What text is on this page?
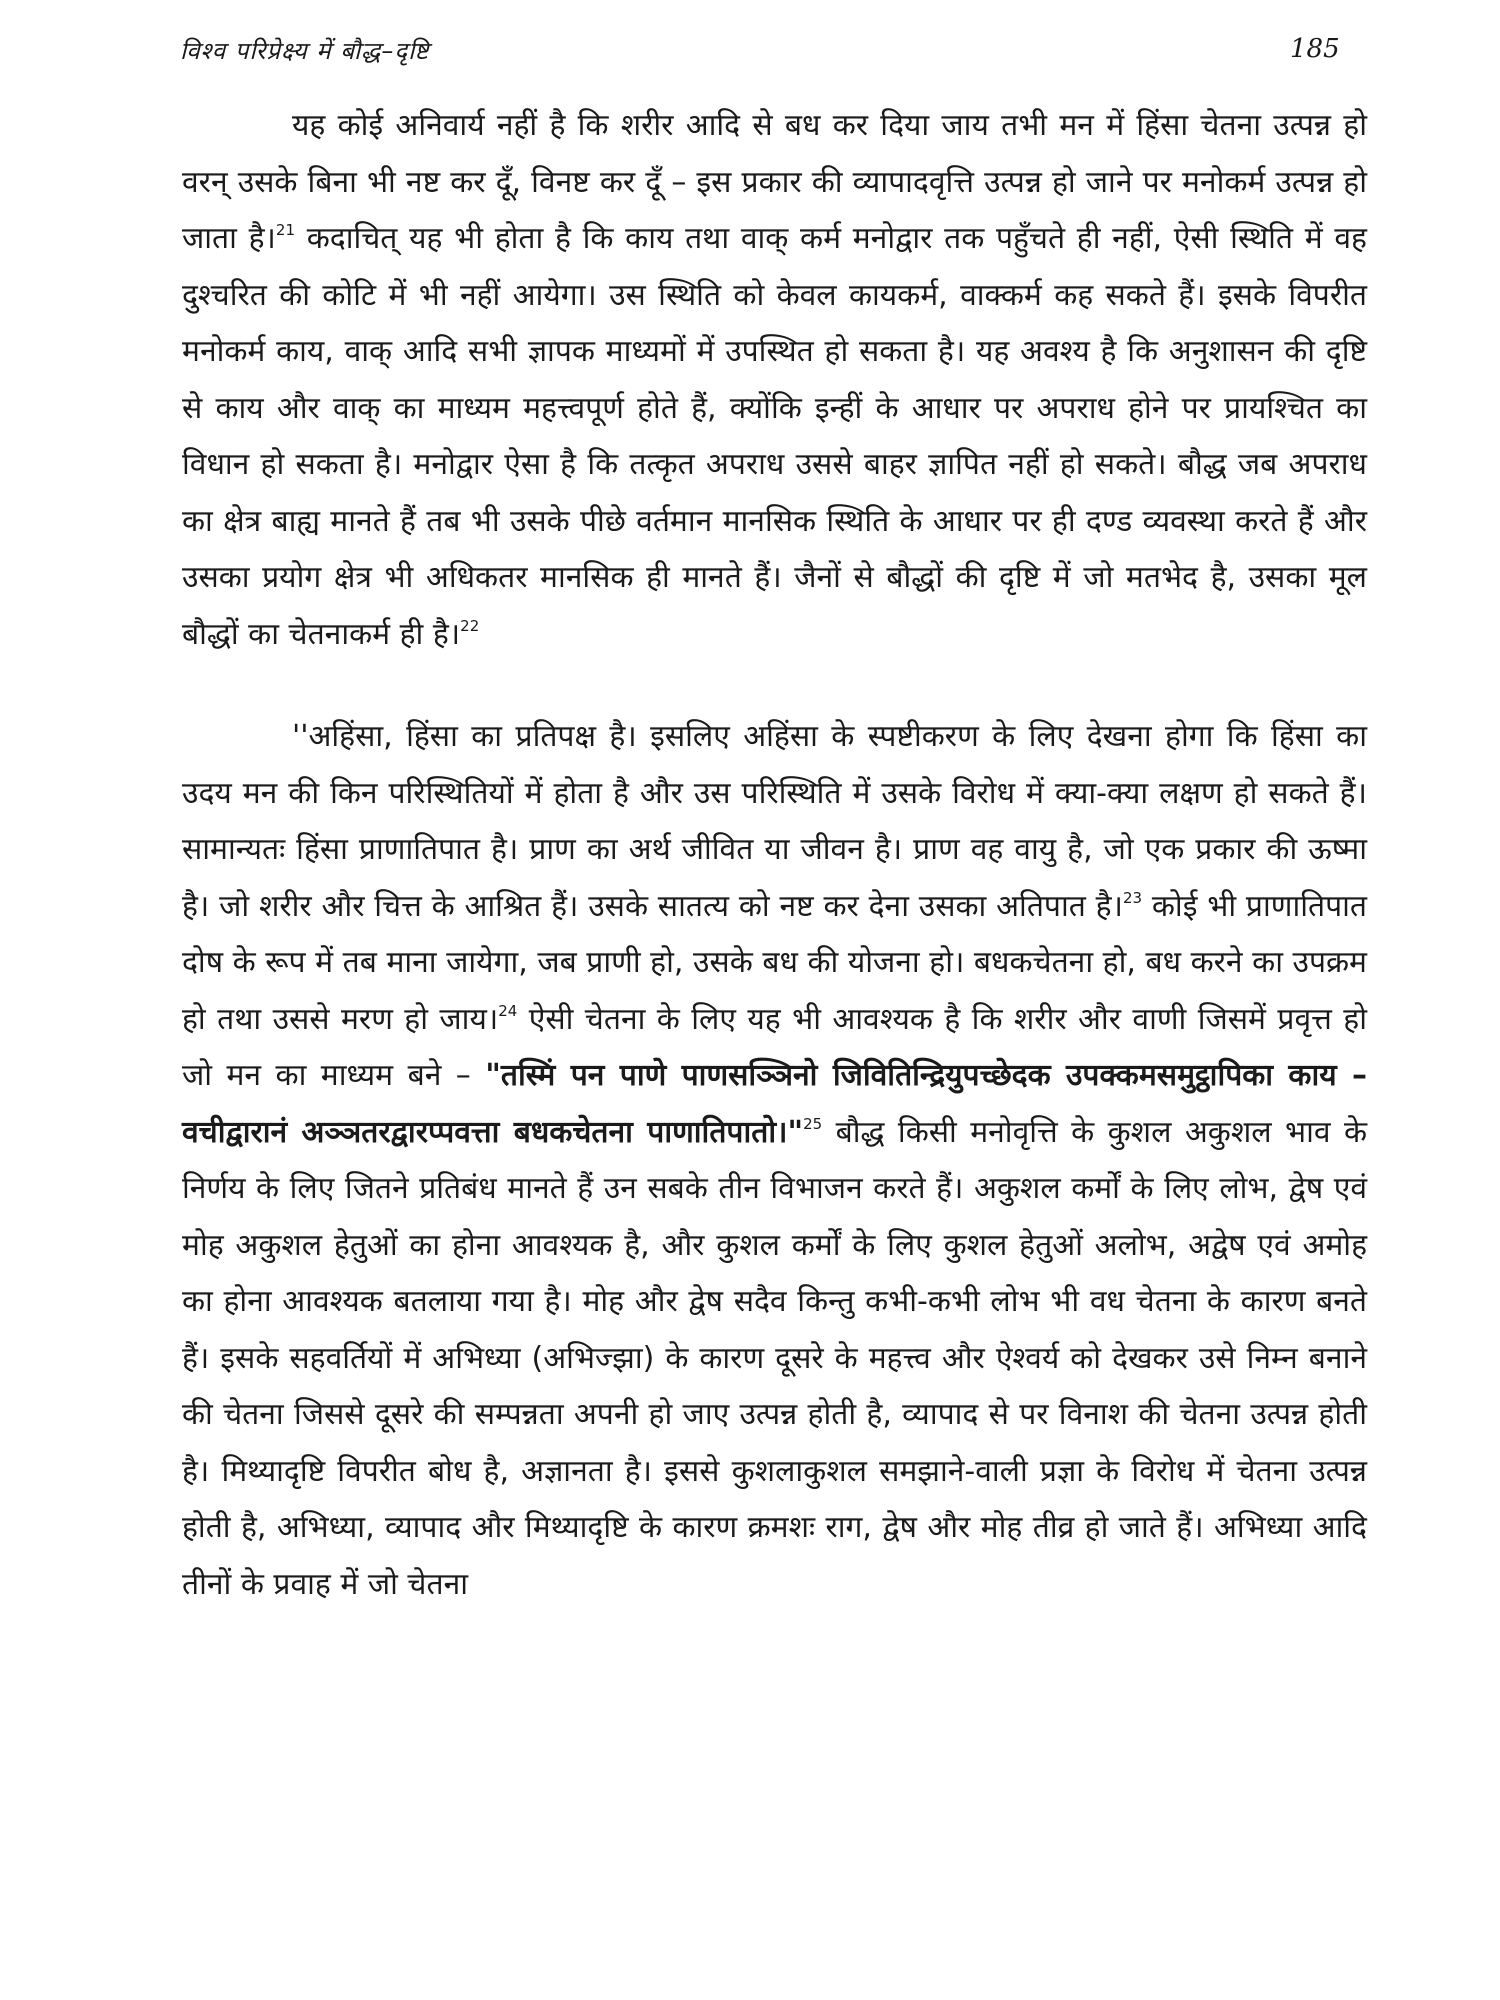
विश्व परिप्रेक्ष्य में बौद्ध–दृष्टि	185

यह कोई अनिवार्य नहीं है कि शरीर आदि से बध कर दिया जाय तभी मन में हिंसा चेतना उत्पन्न हो वरन् उसके बिना भी नष्ट कर दूँ, विनष्ट कर दूँ – इस प्रकार की व्यापादवृत्ति उत्पन्न हो जाने पर मनोकर्म उत्पन्न हो जाता है।$^{21}$ कदाचित् यह भी होता है कि काय तथा वाक् कर्म मनोद्वार तक पहुँचते ही नहीं, ऐसी स्थिति में वह दुश्चरित की कोटि में भी नहीं आयेगा। उस स्थिति को केवल कायकर्म, वाक्कर्म कह सकते हैं। इसके विपरीत मनोकर्म काय, वाक् आदि सभी ज्ञापक माध्यमों में उपस्थित हो सकता है। यह अवश्य है कि अनुशासन की दृष्टि से काय और वाक् का माध्यम महत्त्वपूर्ण होते हैं, क्योंकि इन्हीं के आधार पर अपराध होने पर प्रायश्चित का विधान हो सकता है। मनोद्वार ऐसा है कि तत्कृत अपराध उससे बाहर ज्ञापित नहीं हो सकते। बौद्ध जब अपराध का क्षेत्र बाह्य मानते हैं तब भी उसके पीछे वर्तमान मानसिक स्थिति के आधार पर ही दण्ड व्यवस्था करते हैं और उसका प्रयोग क्षेत्र भी अधिकतर मानसिक ही मानते हैं। जैनों से बौद्धों की दृष्टि में जो मतभेद है, उसका मूल बौद्धों का चेतनाकर्म ही है।$^{22}$

''अहिंसा, हिंसा का प्रतिपक्ष है। इसलिए अहिंसा के स्पष्टीकरण के लिए देखना होगा कि हिंसा का उदय मन की किन परिस्थितियों में होता है और उस परिस्थिति में उसके विरोध में क्या-क्या लक्षण हो सकते हैं। सामान्यतः हिंसा प्राणातिपात है। प्राण का अर्थ जीवित या जीवन है। प्राण वह वायु है, जो एक प्रकार की ऊष्मा है। जो शरीर और चित्त के आश्रित हैं। उसके सातत्य को नष्ट कर देना उसका अतिपात है।$^{23}$ कोई भी प्राणातिपात दोष के रूप में तब माना जायेगा, जब प्राणी हो, उसके बध की योजना हो। बधकचेतना हो, बध करने का उपक्रम हो तथा उससे मरण हो जाय।$^{24}$ ऐसी चेतना के लिए यह भी आवश्यक है कि शरीर और वाणी जिसमें प्रवृत्त हो जो मन का माध्यम बने – "तस्मिं पन पाणे पाणसञ्ञिनो जिवितिन्द्रियुपच्छेदक उपक्कमसमुट्ठापिका काय – वचीद्वारानं अञ्ञतरद्वारप्पवत्ता बधकचेतना पाणातिपातो।"$^{25}$ बौद्ध किसी मनोवृत्ति के कुशल अकुशल भाव के निर्णय के लिए जितने प्रतिबंध मानते हैं उन सबके तीन विभाजन करते हैं। अकुशल कर्मों के लिए लोभ, द्वेष एवं मोह अकुशल हेतुओं का होना आवश्यक है, और कुशल कर्मों के लिए कुशल हेतुओं अलोभ, अद्वेष एवं अमोह का होना आवश्यक बतलाया गया है। मोह और द्वेष सदैव किन्तु कभी-कभी लोभ भी वध चेतना के कारण बनते हैं। इसके सहवर्तियों में अभिध्या (अभिज्झा) के कारण दूसरे के महत्त्व और ऐश्वर्य को देखकर उसे निम्न बनाने की चेतना जिससे दूसरे की सम्पन्नता अपनी हो जाए उत्पन्न होती है, व्यापाद से पर विनाश की चेतना उत्पन्न होती है। मिथ्यादृष्टि विपरीत बोध है, अज्ञानता है। इससे कुशलाकुशल समझाने-वाली प्रज्ञा के विरोध में चेतना उत्पन्न होती है, अभिध्या, व्यापाद और मिथ्यादृष्टि के कारण क्रमशः राग, द्वेष और मोह तीव्र हो जाते हैं। अभिध्या आदि तीनों के प्रवाह में जो चेतना
